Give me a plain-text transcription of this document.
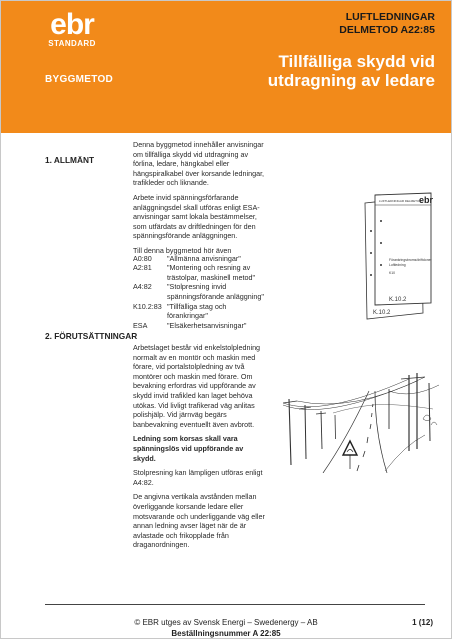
ebr
STANDARD
LUFTLEDNINGAR
DELMETOD A22:85
BYGGMETOD
Tillfälliga skydd vid
utdragning av ledare
1. ALLMÄNT

Denna byggmetod innehåller anvisningar om tillfälliga skydd vid utdragning av förlina, ledare, hängkabel eller hängspiralkabel över korsande ledningar, trafikleder och liknande.

Arbete invid spänningsförfarande anläggningsdel skall utföras enligt ESA-anvisningar samt lokala bestämmelser, som utfärdats av driftledningen för den spänningsförande anläggningen.

Till denna byggmetod hör även

A0:80	"Allmänna anvisningar"
A2:81	"Montering och resning av trästolpar, maskinell metod"
A4:82	"Stolpresning invid spänningsförande anläggning"
K10.2:83 "Tillfälliga stag och förankringar"
ESA	"Elsäkerhetsanvisningar"
K.10.2
LUFTLEDNINGAR DELMETOD
ebr
Förankringsbroms/driftdoner
Luftledning
K10
K.10.2
2. FÖRUTSÄTTNINGAR

Arbetslaget består vid enkelstolpledning normalt av en montör och maskin med förare, vid portalstolpledning av två montörer och maskin med förare. Om bevakning erfordras vid uppförande av skydd invid trafikled kan laget behöva utökas. Vid livligt trafikerad väg anlitas polishjälp. Vid järnväg begärs banbevakning eventuellt även avbrott.

Ledning som korsas skall vara spänningslös vid uppförande av skydd.

Stolpresning kan lämpligen utföras enligt A4:82.

De angivna vertikala avstånden mellan överliggande korsande ledare eller motsvarande och underliggande väg eller annan ledning avser läget när de är avlastade och frikopplade från draganordningen.

© EBR utges av Svensk Energi – Swedenergy – AB	1 (12)
Beställningsnummer A 22:85
